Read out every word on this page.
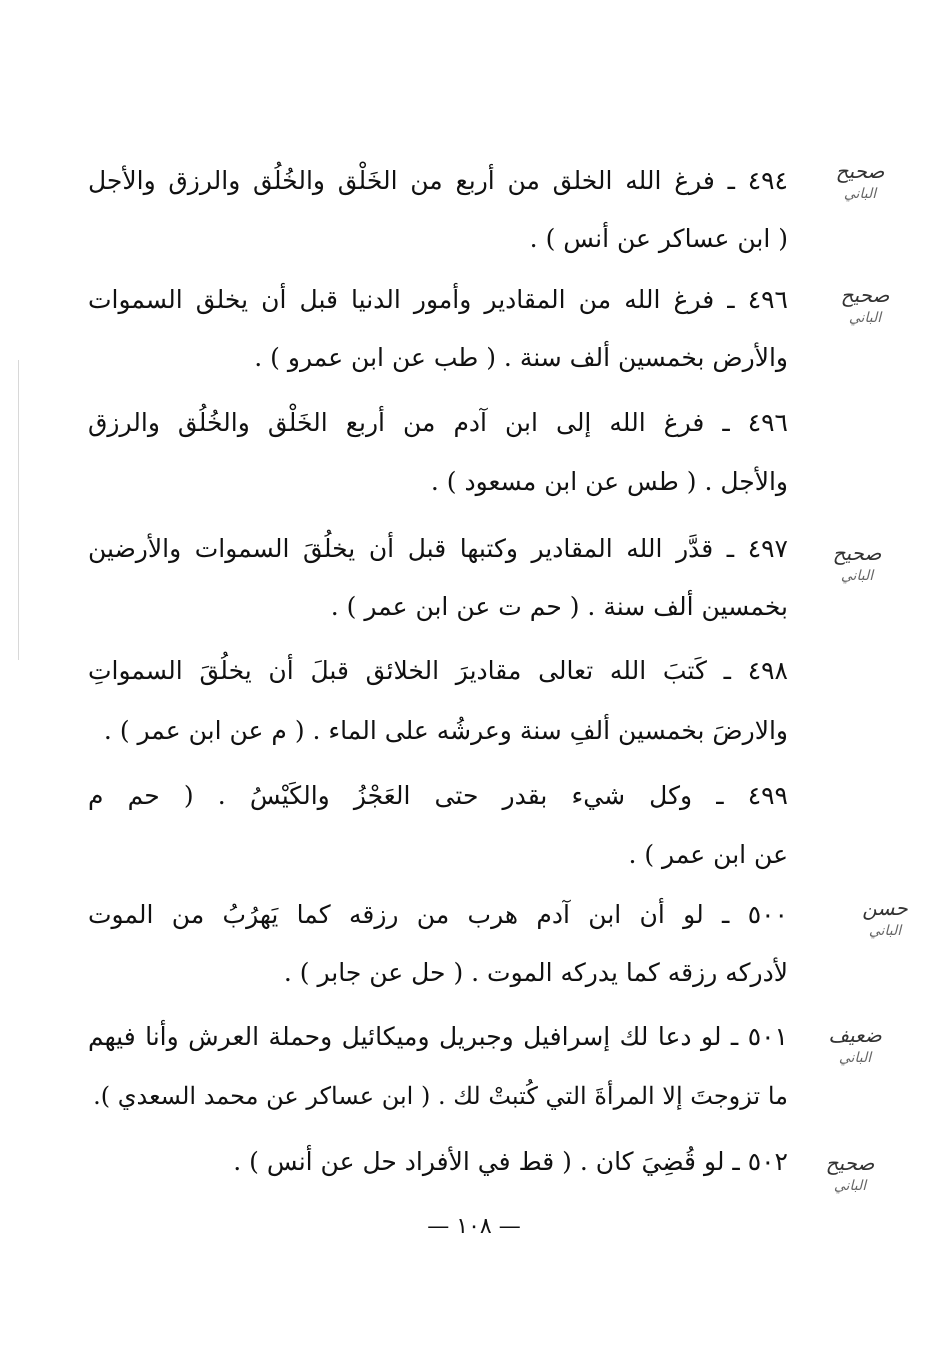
٤٩٤ ـ فرغ الله الخلق من أربع من الخَلْق والخُلُق والرزق والأجل
( ابن عساكر عن أنس ) .
٤٩٦ ـ فرغ الله من المقادير وأمور الدنيا قبل أن يخلق السموات
والأرض بخمسين ألف سنة . ( طب عن ابن عمرو ) .
٤٩٦ ـ فرغ الله إلى ابن آدم من أربع الخَلْق والخُلُق والرزق
والأجل . ( طس عن ابن مسعود ) .
٤٩٧ ـ قدَّر الله المقادير وكتبها قبل أن يخلُقَ السموات والأرضين
بخمسين ألف سنة . ( حم ت عن ابن عمر ) .
٤٩٨ ـ كَتبَ الله تعالى مقاديرَ الخلائق قبلَ أن يخلُقَ السمواتِ
والارضَ بخمسين ألفِ سنة وعرشُه على الماء . ( م عن ابن عمر ) .
٤٩٩ ـ وكل شيء بقدر حتى العَجْزُ والكَيْسُ . ( حم م
عن ابن عمر ) .
٥٠٠ ـ لو أن ابن آدم هرب من رزقه كما يَهرُبُ من الموت
لأدركه رزقه كما يدركه الموت . ( حل عن جابر ) .
٥٠١ ـ لو دعا لك إسرافيل وجبريل وميكائيل وحملة العرش وأنا فيهم
ما تزوجتَ إلا المرأةَ التي كُتبتْ لك . ( ابن عساكر عن محمد السعدي ).
٥٠٢ ـ لو قُضِيَ كان . ( قط في الأفراد حل عن أنس ) .
صحيح
الباني
صحيح
الباني
صحيح
الباني
حسن
الباني
ضعيف
الباني
صحيح
الباني
— ١٠٨ —
